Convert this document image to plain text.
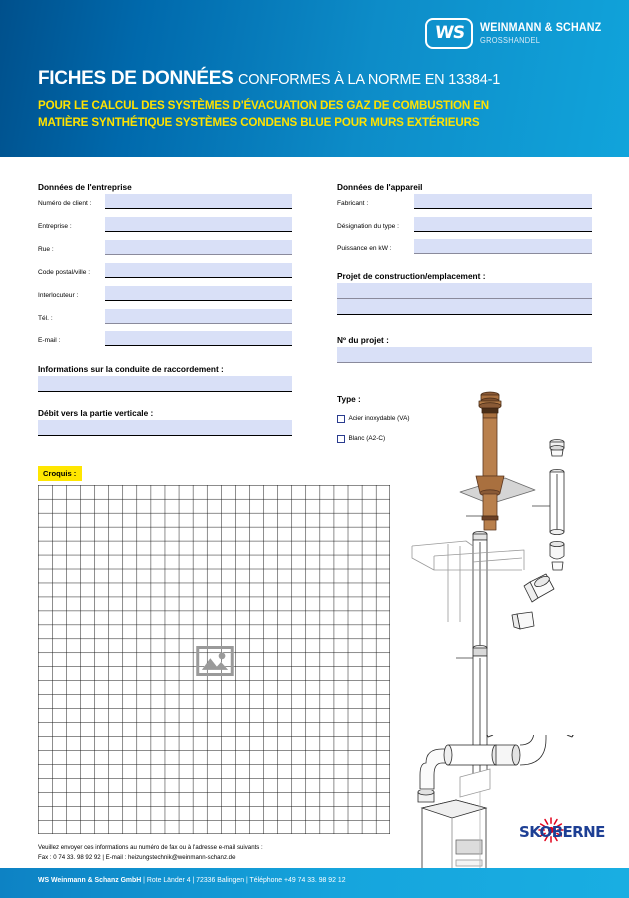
WS WEINMANN & SCHANZ
GROSSHANDEL
FICHES DE DONNÉES CONFORMES À LA NORME EN 13384-1
POUR LE CALCUL DES SYSTÈMES D'ÉVACUATION DES GAZ DE COMBUSTION EN
MATIÈRE SYNTHÉTIQUE SYSTÈMES CONDENS BLUE POUR MURS EXTÉRIEURS
Données de l'entreprise
Numéro de client :
Entreprise :
Rue :
Code postal/ville :
Interlocuteur :
Tél. :
E-mail :
Informations sur la conduite de raccordement :
Débit vers la partie verticale :
Croquis :
Données de l'appareil
Fabricant :
Désignation du type :
Puissance en kW :
Projet de construction/emplacement :
Nº du projet :
Type :
Acier inoxydable (VA)
Blanc (A2-C)
Veuillez envoyer ces informations au numéro de fax ou à l'adresse e-mail suivants :
Fax : 0 74 33. 98 92 92 | E-mail : heizungstechnik@weinmann-schanz.de
SKOBERNE
WS Weinmann & Schanz GmbH | Rote Länder 4 | 72336 Balingen | Téléphone +49 74 33. 98 92 12
